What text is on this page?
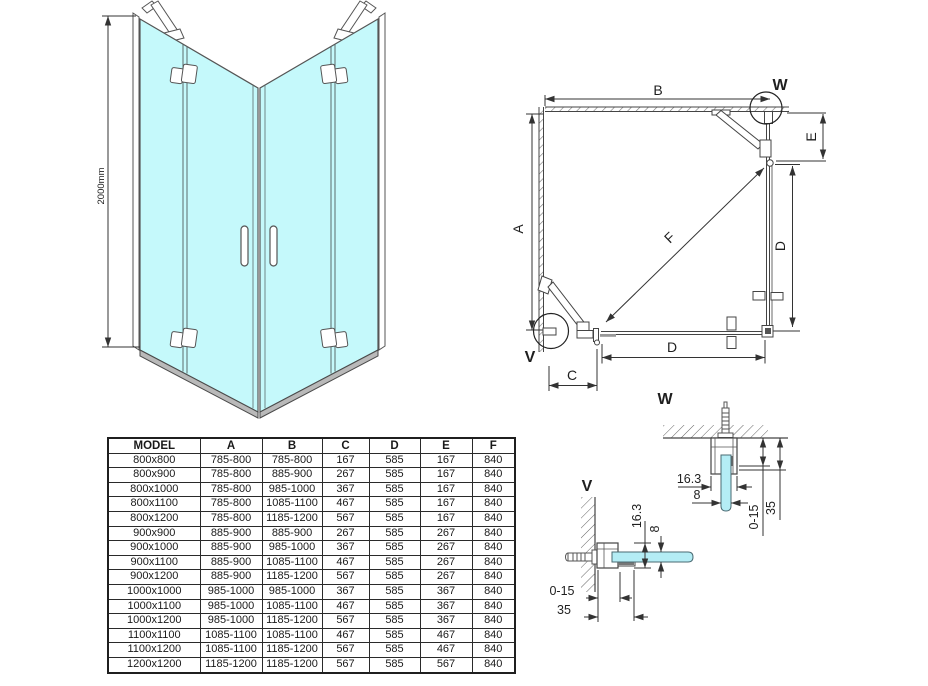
2000mm
B
A
W
E
D
F
V
C
D
W
16.3
8
0-15 35
V
16.3
8
0-15
35
MODEL	A	B	C	D	E	F
800x800	785-800	785-800	167	585	167	840
800x900	785-800	885-900	267	585	167	840
800x1000	785-800	985-1000	367	585	167	840
800x1100	785-800	1085-1100	467	585	167	840
800x1200	785-800	1185-1200	567	585	167	840
900x900	885-900	885-900	267	585	267	840
900x1000	885-900	985-1000	367	585	267	840
900x1100	885-900	1085-1100	467	585	267	840
900x1200	885-900	1185-1200	567	585	267	840
1000x1000	985-1000	985-1000	367	585	367	840
1000x1100	985-1000	1085-1100	467	585	367	840
1000x1200	985-1000	1185-1200	567	585	367	840
1100x1100	1085-1100	1085-1100	467	585	467	840
1100x1200	1085-1100	1185-1200	567	585	467	840
1200x1200	1185-1200	1185-1200	567	585	567	840
